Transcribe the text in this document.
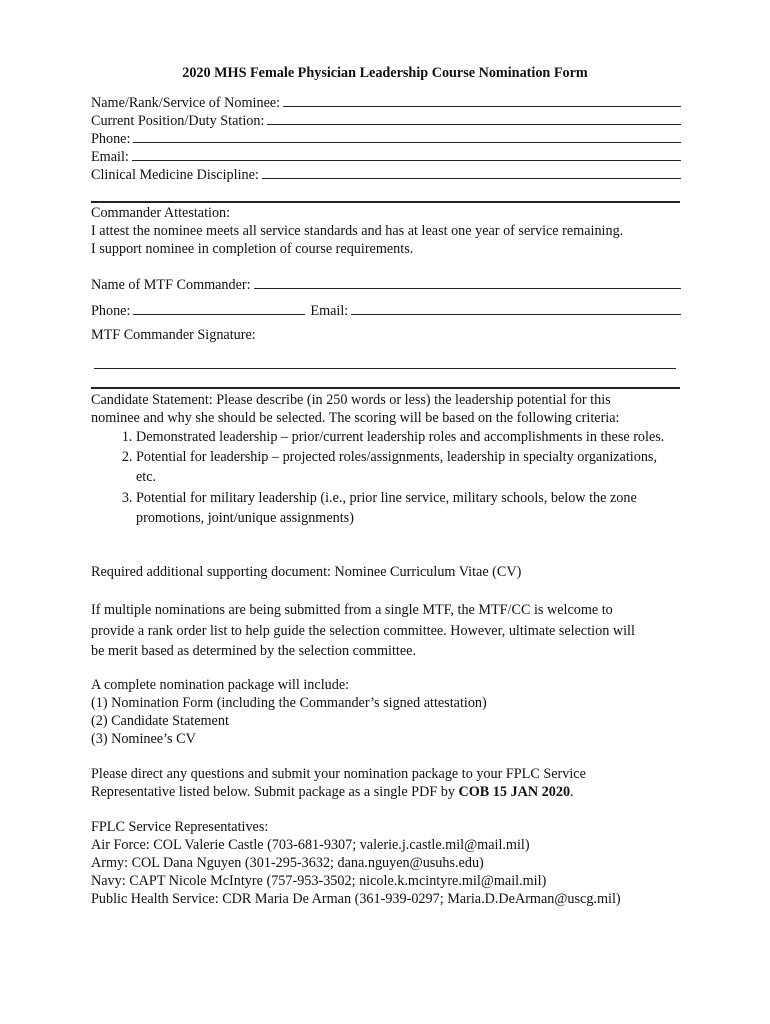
2020 MHS Female Physician Leadership Course Nomination Form
Name/Rank/Service of Nominee:
Current Position/Duty Station:
Phone:
Email:
Clinical Medicine Discipline:
Commander Attestation:
I attest the nominee meets all service standards and has at least one year of service remaining.
I support nominee in completion of course requirements.
Name of MTF Commander:
Phone:	Email:
MTF Commander Signature:
Candidate Statement: Please describe (in 250 words or less) the leadership potential for this
nominee and why she should be selected. The scoring will be based on the following criteria:
1. Demonstrated leadership – prior/current leadership roles and accomplishments in these roles.
2. Potential for leadership – projected roles/assignments, leadership in specialty organizations, etc.
3. Potential for military leadership (i.e., prior line service, military schools, below the zone promotions, joint/unique assignments)
Required additional supporting document: Nominee Curriculum Vitae (CV)
If multiple nominations are being submitted from a single MTF, the MTF/CC is welcome to
provide a rank order list to help guide the selection committee. However, ultimate selection will
be merit based as determined by the selection committee.
A complete nomination package will include:
(1) Nomination Form (including the Commander’s signed attestation)
(2) Candidate Statement
(3) Nominee’s CV
Please direct any questions and submit your nomination package to your FPLC Service
Representative listed below. Submit package as a single PDF by COB 15 JAN 2020.
FPLC Service Representatives:
Air Force: COL Valerie Castle (703-681-9307; valerie.j.castle.mil@mail.mil)
Army: COL Dana Nguyen (301-295-3632; dana.nguyen@usuhs.edu)
Navy: CAPT Nicole McIntyre (757-953-3502; nicole.k.mcintyre.mil@mail.mil)
Public Health Service: CDR Maria De Arman (361-939-0297; Maria.D.DeArman@uscg.mil)
